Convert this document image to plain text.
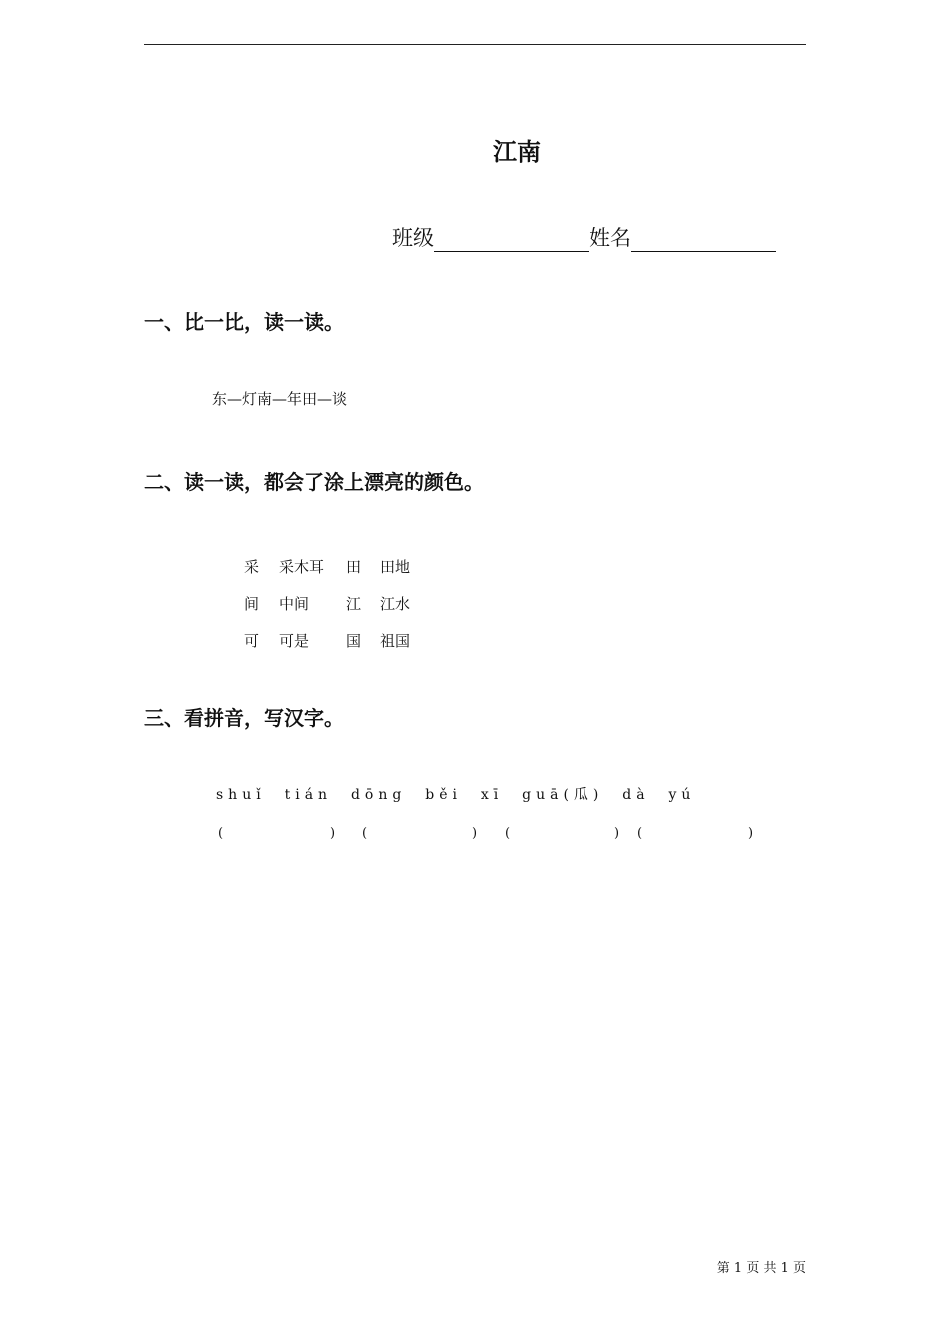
江南
班级	姓名
一、比一比，读一读。
东—灯南—年田—谈
二、读一读，都会了涂上漂亮的颜色。
采	采木耳	田	田地
间	中间	江	江水
可	可是	国	祖国
三、看拼音，写汉字。
shuǐ  tián  dōng  běi  xī  guā(瓜)  dà  yú
(	) (	) (	) (	)
第 1 页 共 1 页
